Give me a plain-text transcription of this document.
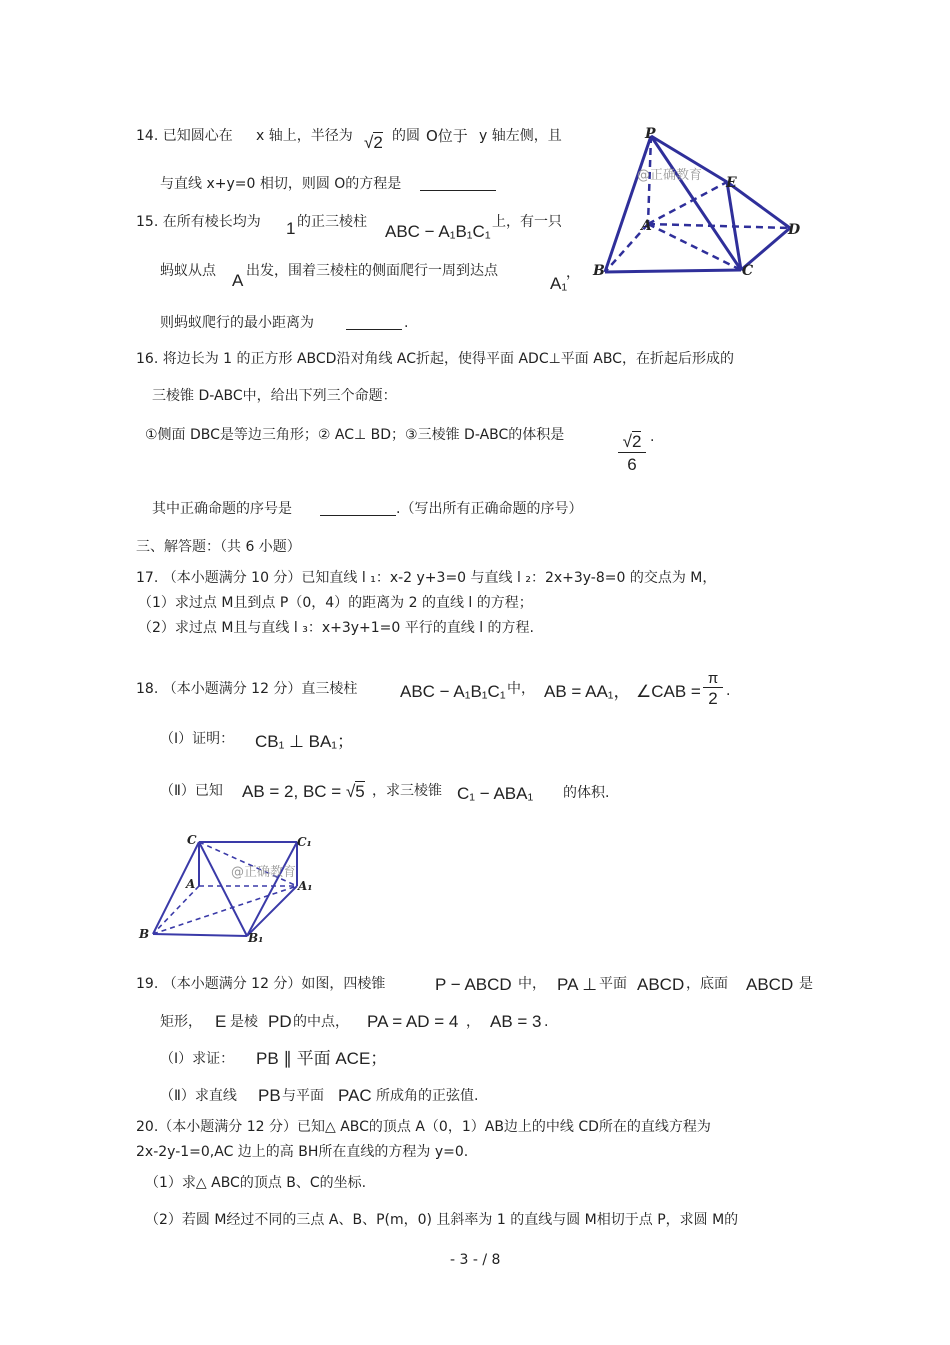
14. 已知圆心在 x 轴上，半径为 √2 的圆 O位于 y 轴左侧，且
与直线 x+y=0 相切，则圆 O的方程是
15. 在所有棱长均为 1 的正三棱柱 ABC − A₁B₁C₁ 上，有一只
蚂蚁从点 A 出发，围着三棱柱的侧面爬行一周到达点
A₁
，
则蚂蚁爬行的最小距离为	.
@正确教育
P
E
A	D
B	C
16. 将边长为 1 的正方形 ABCD沿对角线 AC折起，使得平面 ADC⊥平面 ABC，在折起后形成的
三棱锥 D-ABC中，给出下列三个命题：
①侧面 DBC是等边三角形；② AC⊥ BD；③三棱锥 D-ABC的体积是	√2
6
.
其中正确命题的序号是	.（写出所有正确命题的序号）
三、解答题：（共 6 小题）
17. （本小题满分 10 分）已知直线 l ₁：x-2 y+3=0 与直线 l ₂：2x+3y-8=0 的交点为 M，
（1）求过点 M且到点 P（0，4）的距离为 2 的直线 l 的方程；
（2）求过点 M且与直线 l ₃：x+3y+1=0 平行的直线 l 的方程.
18. （本小题满分 12 分）直三棱柱	ABC − A₁B₁C₁ 中， AB = AA₁， ∠CAB =
π
2 .
（Ⅰ）证明： CB₁ ⊥ BA₁；
（Ⅱ）已知 AB = 2, BC = √5 ，求三棱锥 C₁ − ABA₁ 的体积.
@正确教育
C	C₁
A	A₁
B	B₁
19. （本小题满分 12 分）如图，四棱锥	P − ABCD 中， PA ⊥ 平面 ABCD ，底面 ABCD 是
矩形， E 是棱 PD 的中点， PA = AD = 4 ， AB = 3 .
（Ⅰ）求证： PB ∥ 平面 ACE；
（Ⅱ）求直线 PB 与平面 PAC 所成角的正弦值.
20.（本小题满分 12 分）已知△ ABC的顶点 A（0，1）AB边上的中线 CD所在的直线方程为
2x-2y-1=0,AC 边上的高 BH所在直线的方程为 y=0.
（1）求△ ABC的顶点 B、C的坐标.
（2）若圆 M经过不同的三点 A、B、P(m，0) 且斜率为 1 的直线与圆 M相切于点 P，求圆 M的
- 3 - / 8
